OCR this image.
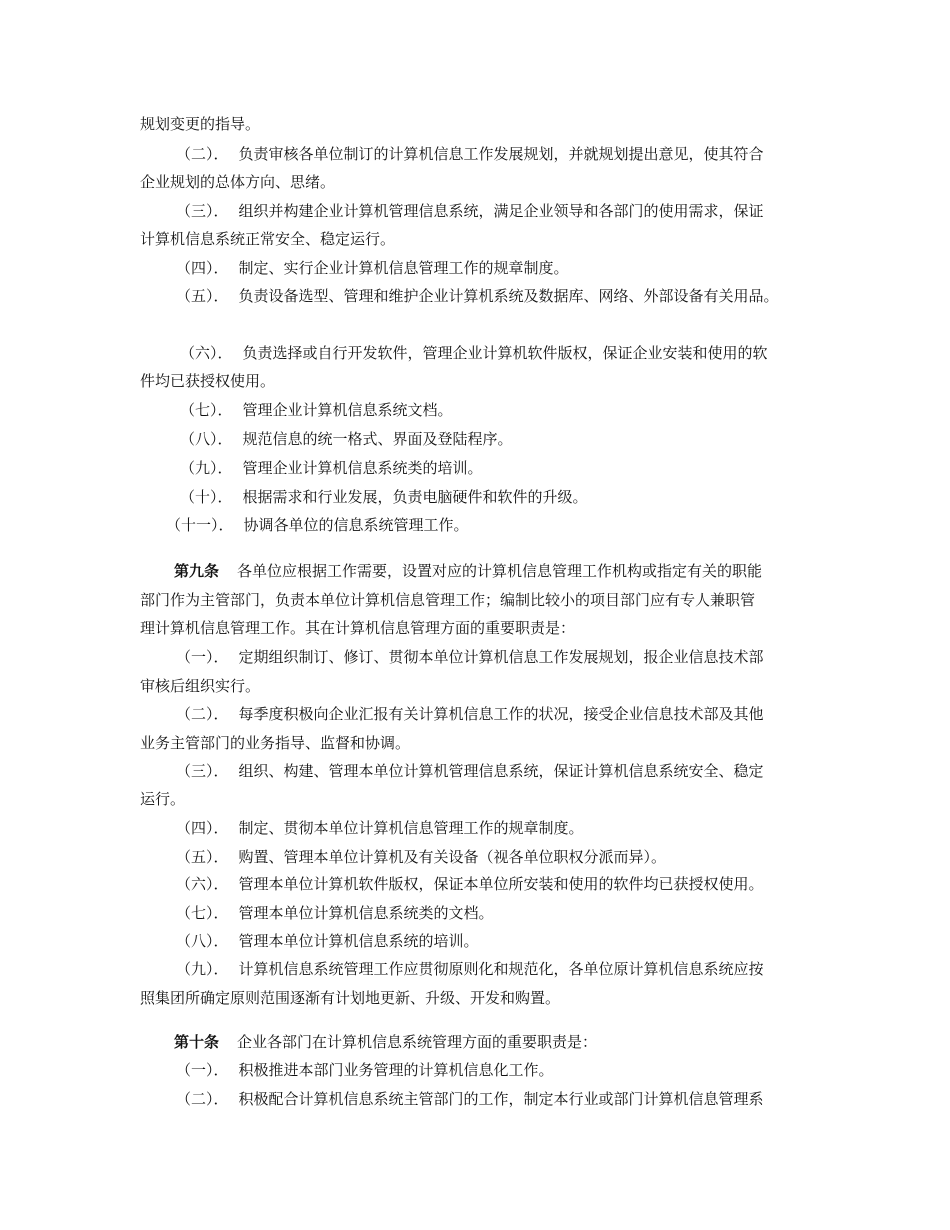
规划变更的指导。
（二）． 负责审核各单位制订的计算机信息工作发展规划，并就规划提出意见，使其符合
企业规划的总体方向、思绪。
（三）． 组织并构建企业计算机管理信息系统，满足企业领导和各部门的使用需求，保证
计算机信息系统正常安全、稳定运行。
（四）． 制定、实行企业计算机信息管理工作的规章制度。
（五）． 负责设备选型、管理和维护企业计算机系统及数据库、网络、外部设备有关用品。
（六）． 负责选择或自行开发软件，管理企业计算机软件版权，保证企业安装和使用的软
件均已获授权使用。
（七）． 管理企业计算机信息系统文档。
（八）． 规范信息的统一格式、界面及登陆程序。
（九）． 管理企业计算机信息系统类的培训。
（十）． 根据需求和行业发展，负责电脑硬件和软件的升级。
（十一）． 协调各单位的信息系统管理工作。
第九条 各单位应根据工作需要，设置对应的计算机信息管理工作机构或指定有关的职能
部门作为主管部门，负责本单位计算机信息管理工作；编制比较小的项目部门应有专人兼职管
理计算机信息管理工作。其在计算机信息管理方面的重要职责是：
（一）． 定期组织制订、修订、贯彻本单位计算机信息工作发展规划，报企业信息技术部
审核后组织实行。
（二）． 每季度积极向企业汇报有关计算机信息工作的状况，接受企业信息技术部及其他
业务主管部门的业务指导、监督和协调。
（三）． 组织、构建、管理本单位计算机管理信息系统，保证计算机信息系统安全、稳定
运行。
（四）． 制定、贯彻本单位计算机信息管理工作的规章制度。
（五）． 购置、管理本单位计算机及有关设备（视各单位职权分派而异）。
（六）． 管理本单位计算机软件版权，保证本单位所安装和使用的软件均已获授权使用。
（七）． 管理本单位计算机信息系统类的文档。
（八）． 管理本单位计算机信息系统的培训。
（九）． 计算机信息系统管理工作应贯彻原则化和规范化，各单位原计算机信息系统应按
照集团所确定原则范围逐渐有计划地更新、升级、开发和购置。
第十条 企业各部门在计算机信息系统管理方面的重要职责是：
（一）． 积极推进本部门业务管理的计算机信息化工作。
（二）． 积极配合计算机信息系统主管部门的工作，制定本行业或部门计算机信息管理系
